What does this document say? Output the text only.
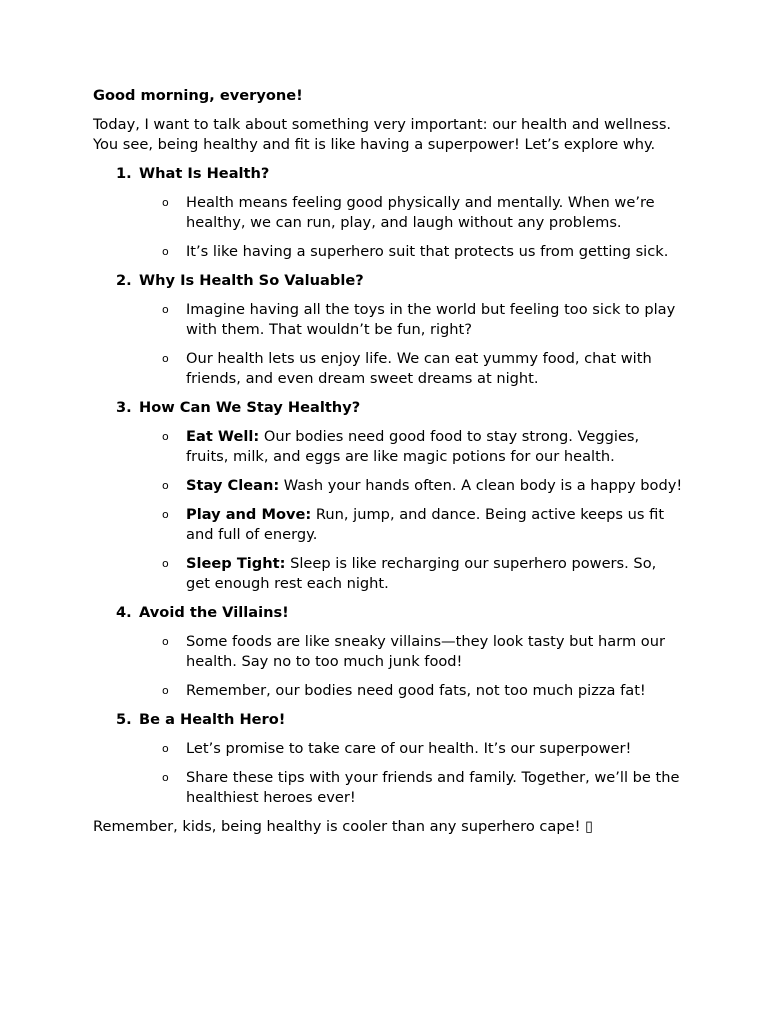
Good morning, everyone!

Today, I want to talk about something very important: our health and wellness. You see, being healthy and fit is like having a superpower! Let’s explore why.

1. What Is Health?
o Health means feeling good physically and mentally. When we’re healthy, we can run, play, and laugh without any problems.
o It’s like having a superhero suit that protects us from getting sick.
2. Why Is Health So Valuable?
o Imagine having all the toys in the world but feeling too sick to play with them. That wouldn’t be fun, right?
o Our health lets us enjoy life. We can eat yummy food, chat with friends, and even dream sweet dreams at night.
3. How Can We Stay Healthy?
o Eat Well: Our bodies need good food to stay strong. Veggies, fruits, milk, and eggs are like magic potions for our health.
o Stay Clean: Wash your hands often. A clean body is a happy body!
o Play and Move: Run, jump, and dance. Being active keeps us fit and full of energy.
o Sleep Tight: Sleep is like recharging our superhero powers. So, get enough rest each night.
4. Avoid the Villains!
o Some foods are like sneaky villains—they look tasty but harm our health. Say no to too much junk food!
o Remember, our bodies need good fats, not too much pizza fat!
5. Be a Health Hero!
o Let’s promise to take care of our health. It’s our superpower!
o Share these tips with your friends and family. Together, we’ll be the healthiest heroes ever!

Remember, kids, being healthy is cooler than any superhero cape! ▯
